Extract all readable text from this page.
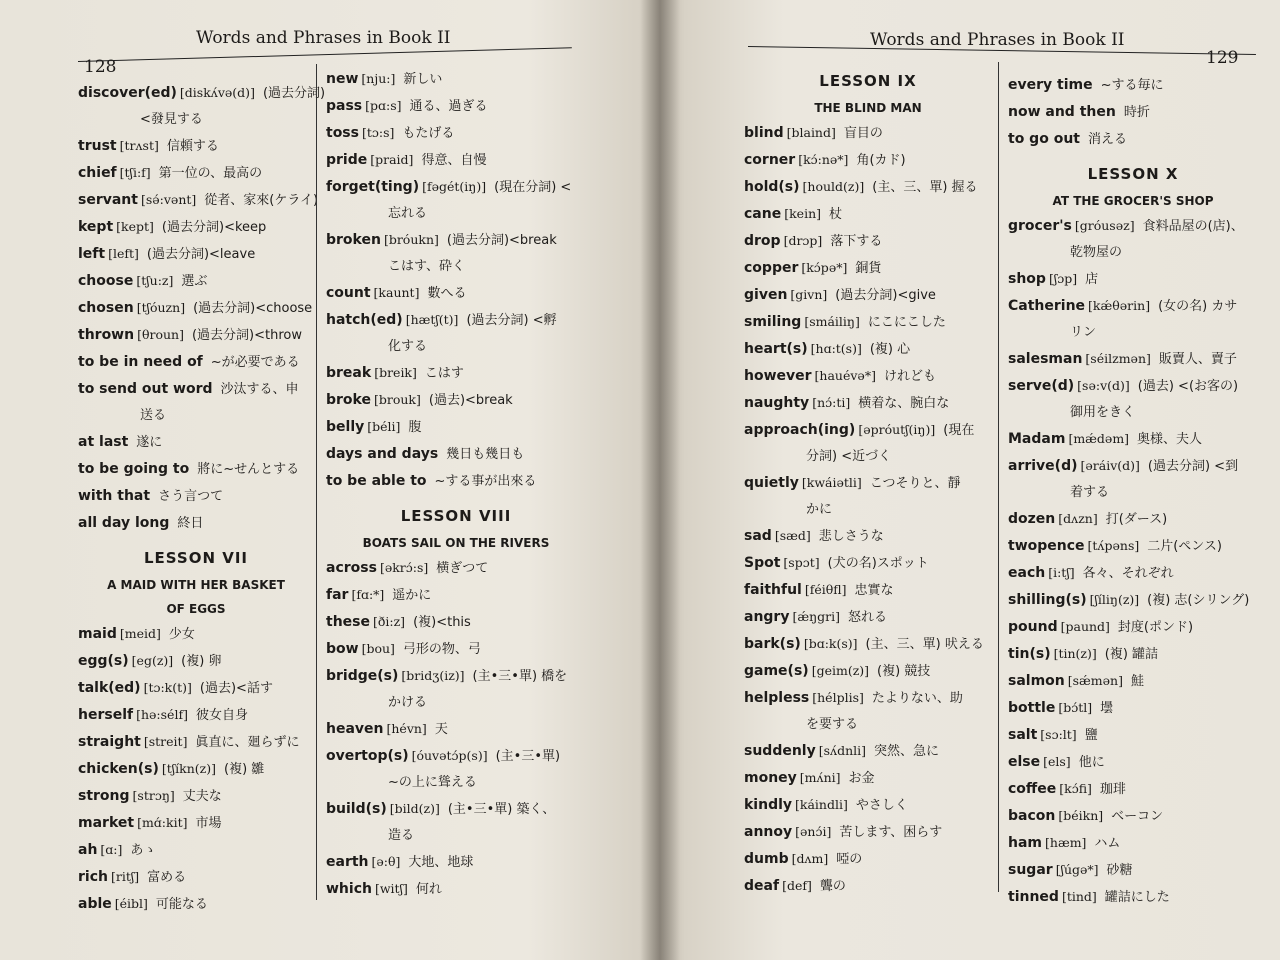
128
Words and Phrases in Book II
discover(ed) [diskʌ́və(d)] (過去分詞)
<發見する
trust [trʌst] 信頼する
chief [tʃi:f] 第一位の、最高の
servant [sə́:vənt] 從者、家來(ケライ)
kept [kept] (過去分詞)<keep
left [left] (過去分詞)<leave
choose [tʃu:z] 選ぶ
chosen [tʃóuzn] (過去分詞)<choose
thrown [θroun] (過去分詞)<throw
to be in need of ~が必要である
to send out word 沙汰する、申
送る
at last 遂に
to be going to 將に~せんとする
with that さう言つて
all day long 終日
LESSON VII
A MAID WITH HER BASKET
OF EGGS
maid [meid] 少女
egg(s) [eg(z)] (複) 卵
talk(ed) [tɔ:k(t)] (過去)<話す
herself [hə:sélf] 彼女自身
straight [streit] 眞直に、廻らずに
chicken(s) [tʃíkn(z)] (複) 雛
strong [strɔŋ] 丈夫な
market [mɑ́:kit] 市場
ah [ɑ:] あゝ
rich [ritʃ] 富める
able [éibl] 可能なる
new [nju:] 新しい
pass [pɑ:s] 通る、過ぎる
toss [tɔ:s] もたげる
pride [praid] 得意、自慢
forget(ting) [fəgét(iŋ)] (現在分詞) <
忘れる
broken [bróukn] (過去分詞)<break
こはす、砕く
count [kaunt] 數へる
hatch(ed) [hætʃ(t)] (過去分詞) <孵
化する
break [breik] こはす
broke [brouk] (過去)<break
belly [béli] 腹
days and days 幾日も幾日も
to be able to ~する事が出來る
LESSON VIII
BOATS SAIL ON THE RIVERS
across [əkrɔ́:s] 横ぎつて
far [fɑ:*] 遥かに
these [ði:z] (複)<this
bow [bou] 弓形の物、弓
bridge(s) [bridʒ(iz)] (主•三•單) 橋を
かける
heaven [hévn] 天
overtop(s) [óuvətɔ́p(s)] (主•三•單)
~の上に聳える
build(s) [bild(z)] (主•三•單) 築く、
造る
earth [ə:θ] 大地、地球
which [witʃ] 何れ
Words and Phrases in Book II
129
LESSON IX
THE BLIND MAN
blind [blaind] 盲目の
corner [kɔ́:nə*] 角(カド)
hold(s) [hould(z)] (主、三、單) 握る
cane [kein] 杖
drop [drɔp] 落下する
copper [kɔ́pə*] 銅貨
given [givn] (過去分詞)<give
smiling [smáiliŋ] にこにこした
heart(s) [hɑ:t(s)] (複) 心
however [hauévə*] けれども
naughty [nɔ́:ti] 横着な、腕白な
approach(ing) [əpróutʃ(iŋ)] (現在
分詞) <近づく
quietly [kwáiətli] こつそりと、靜
かに
sad [sæd] 悲しさうな
Spot [spɔt] (犬の名)スポット
faithful [féiθfl] 忠實な
angry [ǽŋgri] 怒れる
bark(s) [bɑ:k(s)] (主、三、單) 吠える
game(s) [geim(z)] (複) 競技
helpless [hélplis] たよりない、助
を要する
suddenly [sʌ́dnli] 突然、急に
money [mʌ́ni] お金
kindly [káindli] やさしく
annoy [ənɔ́i] 苦します、困らす
dumb [dʌm] 啞の
deaf [def] 聾の
every time ~する毎に
now and then 時折
to go out 消える
LESSON X
AT THE GROCER'S SHOP
grocer's [gróusəz] 食料品屋の(店)、
乾物屋の
shop [ʃɔp] 店
Catherine [kǽθərin] (女の名) カサ
リン
salesman [séilzmən] 販賣人、賣子
serve(d) [sə:v(d)] (過去) <(お客の)
御用をきく
Madam [mǽdəm] 奥様、夫人
arrive(d) [əráiv(d)] (過去分詞) <到
着する
dozen [dʌzn] 打(ダース)
twopence [tʌ́pəns] 二片(ペンス)
each [i:tʃ] 各々、それぞれ
shilling(s) [ʃíliŋ(z)] (複) 志(シリング)
pound [paund] 封度(ポンド)
tin(s) [tin(z)] (複) 罐詰
salmon [sǽmən] 鮭
bottle [bɔ́tl] 壜
salt [sɔ:lt] 鹽
else [els] 他に
coffee [kɔ́fi] 珈琲
bacon [béikn] ベーコン
ham [hæm] ハム
sugar [ʃúgə*] 砂糖
tinned [tind] 罐詰にした
